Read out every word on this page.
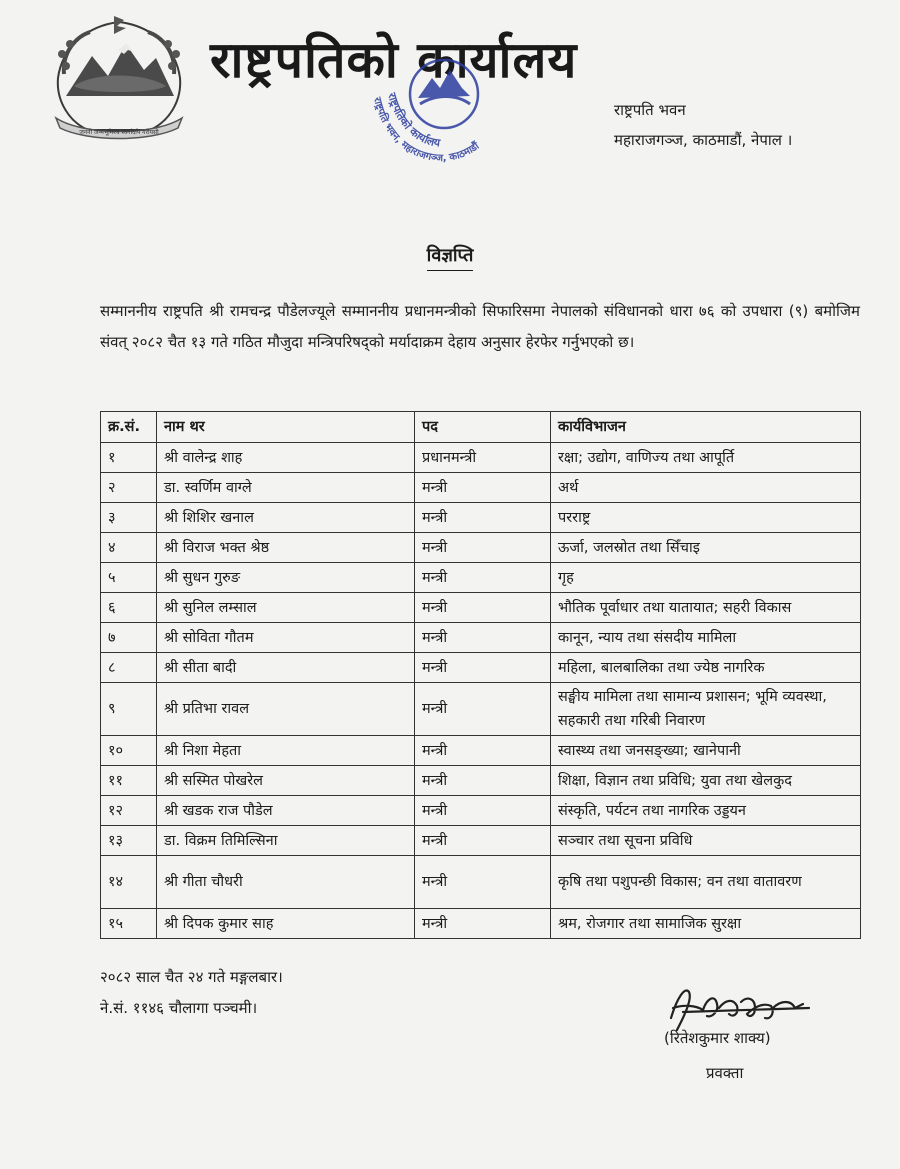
जननी जन्मभूमिश्च स्वर्गादपि गरीयसी
राष्ट्रपतिको कार्यालय
राष्ट्रपतिको कार्यालय
राष्ट्रपति भवन, महाराजगञ्ज, काठमाडौं
राष्ट्रपति भवन
महाराजगञ्ज, काठमाडौं, नेपाल ।
विज्ञप्ति
सम्माननीय राष्ट्रपति श्री रामचन्द्र पौडेलज्यूले सम्माननीय प्रधानमन्त्रीको सिफारिसमा नेपालको संविधानको धारा ७६ को उपधारा (९) बमोजिम संवत् २०८२ चैत १३ गते गठित मौजुदा मन्त्रिपरिषद्को मर्यादाक्रम देहाय अनुसार हेरफेर गर्नुभएको छ।
क्र.सं.	नाम थर	पद	कार्यविभाजन
१	श्री वालेन्द्र शाह	प्रधानमन्त्री	रक्षा; उद्योग, वाणिज्य तथा आपूर्ति
२	डा. स्वर्णिम वाग्ले	मन्त्री	अर्थ
३	श्री शिशिर खनाल	मन्त्री	परराष्ट्र
४	श्री विराज भक्त श्रेष्ठ	मन्त्री	ऊर्जा, जलस्रोत तथा सिँचाइ
५	श्री सुधन गुरुङ	मन्त्री	गृह
६	श्री सुनिल लम्साल	मन्त्री	भौतिक पूर्वाधार तथा यातायात; सहरी विकास
७	श्री सोविता गौतम	मन्त्री	कानून, न्याय तथा संसदीय मामिला
८	श्री सीता बादी	मन्त्री	महिला, बालबालिका तथा ज्येष्ठ नागरिक
९	श्री प्रतिभा रावल	मन्त्री	सङ्घीय मामिला तथा सामान्य प्रशासन; भूमि व्यवस्था, सहकारी तथा गरिबी निवारण
१०	श्री निशा मेहता	मन्त्री	स्वास्थ्य तथा जनसङ्ख्या; खानेपानी
११	श्री सस्मित पोखरेल	मन्त्री	शिक्षा, विज्ञान तथा प्रविधि; युवा तथा खेलकुद
१२	श्री खडक राज पौडेल	मन्त्री	संस्कृति, पर्यटन तथा नागरिक उड्डयन
१३	डा. विक्रम तिमिल्सिना	मन्त्री	सञ्चार तथा सूचना प्रविधि
१४	श्री गीता चौधरी	मन्त्री	कृषि तथा पशुपन्छी विकास; वन तथा वातावरण
१५	श्री दिपक कुमार साह	मन्त्री	श्रम, रोजगार तथा सामाजिक सुरक्षा
२०८२ साल चैत २४ गते मङ्गलबार।
ने.सं. ११४६ चौलागा पञ्चमी।
रितेश शाक्य
(रितेशकुमार शाक्य)
प्रवक्ता
